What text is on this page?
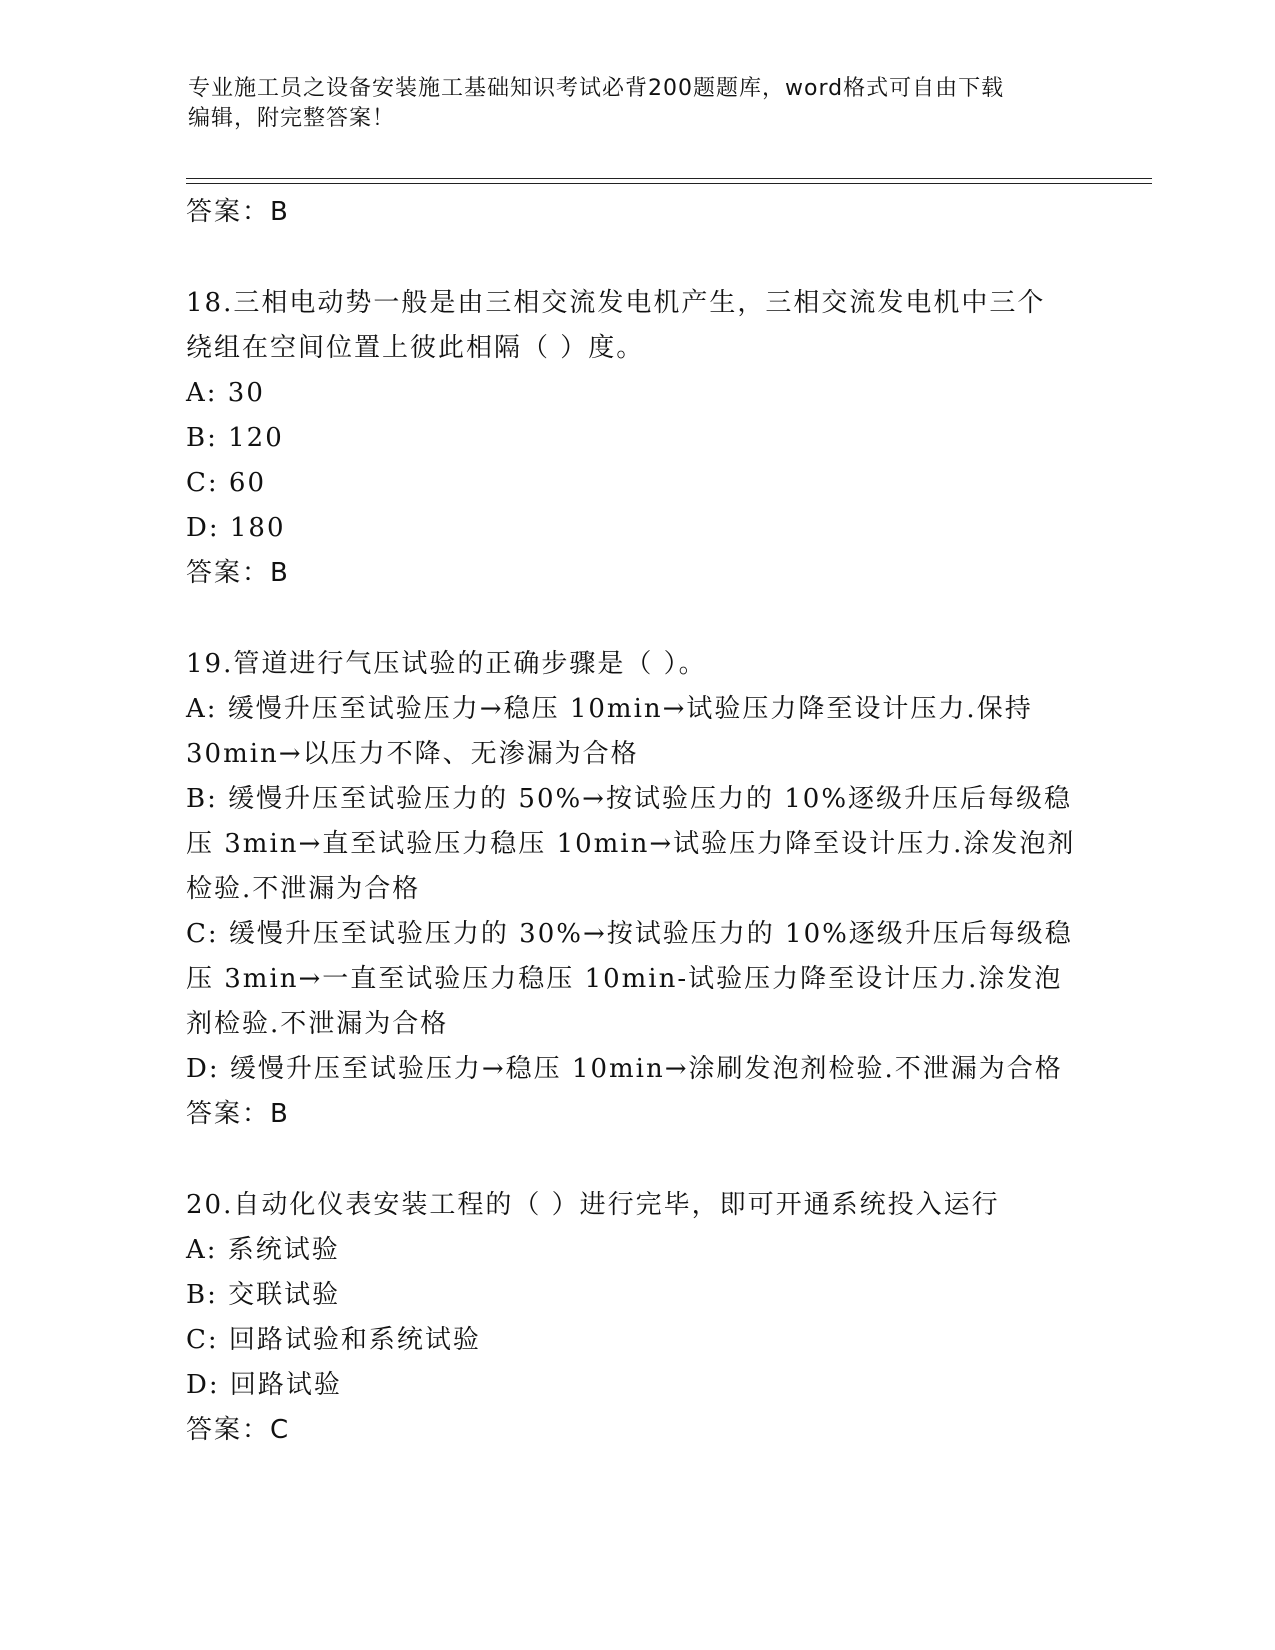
专业施工员之设备安装施工基础知识考试必背200题题库，word格式可自由下载
编辑，附完整答案！
答案：B
18.三相电动势一般是由三相交流发电机产生，三相交流发电机中三个
绕组在空间位置上彼此相隔（ ）度。
A: 30
B: 120
C: 60
D: 180
答案：B
19.管道进行气压试验的正确步骤是（ ）。
A: 缓慢升压至试验压力→稳压 10min→试验压力降至设计压力.保持
30min→以压力不降、无渗漏为合格
B: 缓慢升压至试验压力的 50%→按试验压力的 10%逐级升压后每级稳
压 3min→直至试验压力稳压 10min→试验压力降至设计压力.涂发泡剂
检验.不泄漏为合格
C: 缓慢升压至试验压力的 30%→按试验压力的 10%逐级升压后每级稳
压 3min→一直至试验压力稳压 10min-试验压力降至设计压力.涂发泡
剂检验.不泄漏为合格
D: 缓慢升压至试验压力→稳压 10min→涂刷发泡剂检验.不泄漏为合格
答案：B
20.自动化仪表安装工程的（ ）进行完毕，即可开通系统投入运行
A: 系统试验
B: 交联试验
C: 回路试验和系统试验
D: 回路试验
答案：C
